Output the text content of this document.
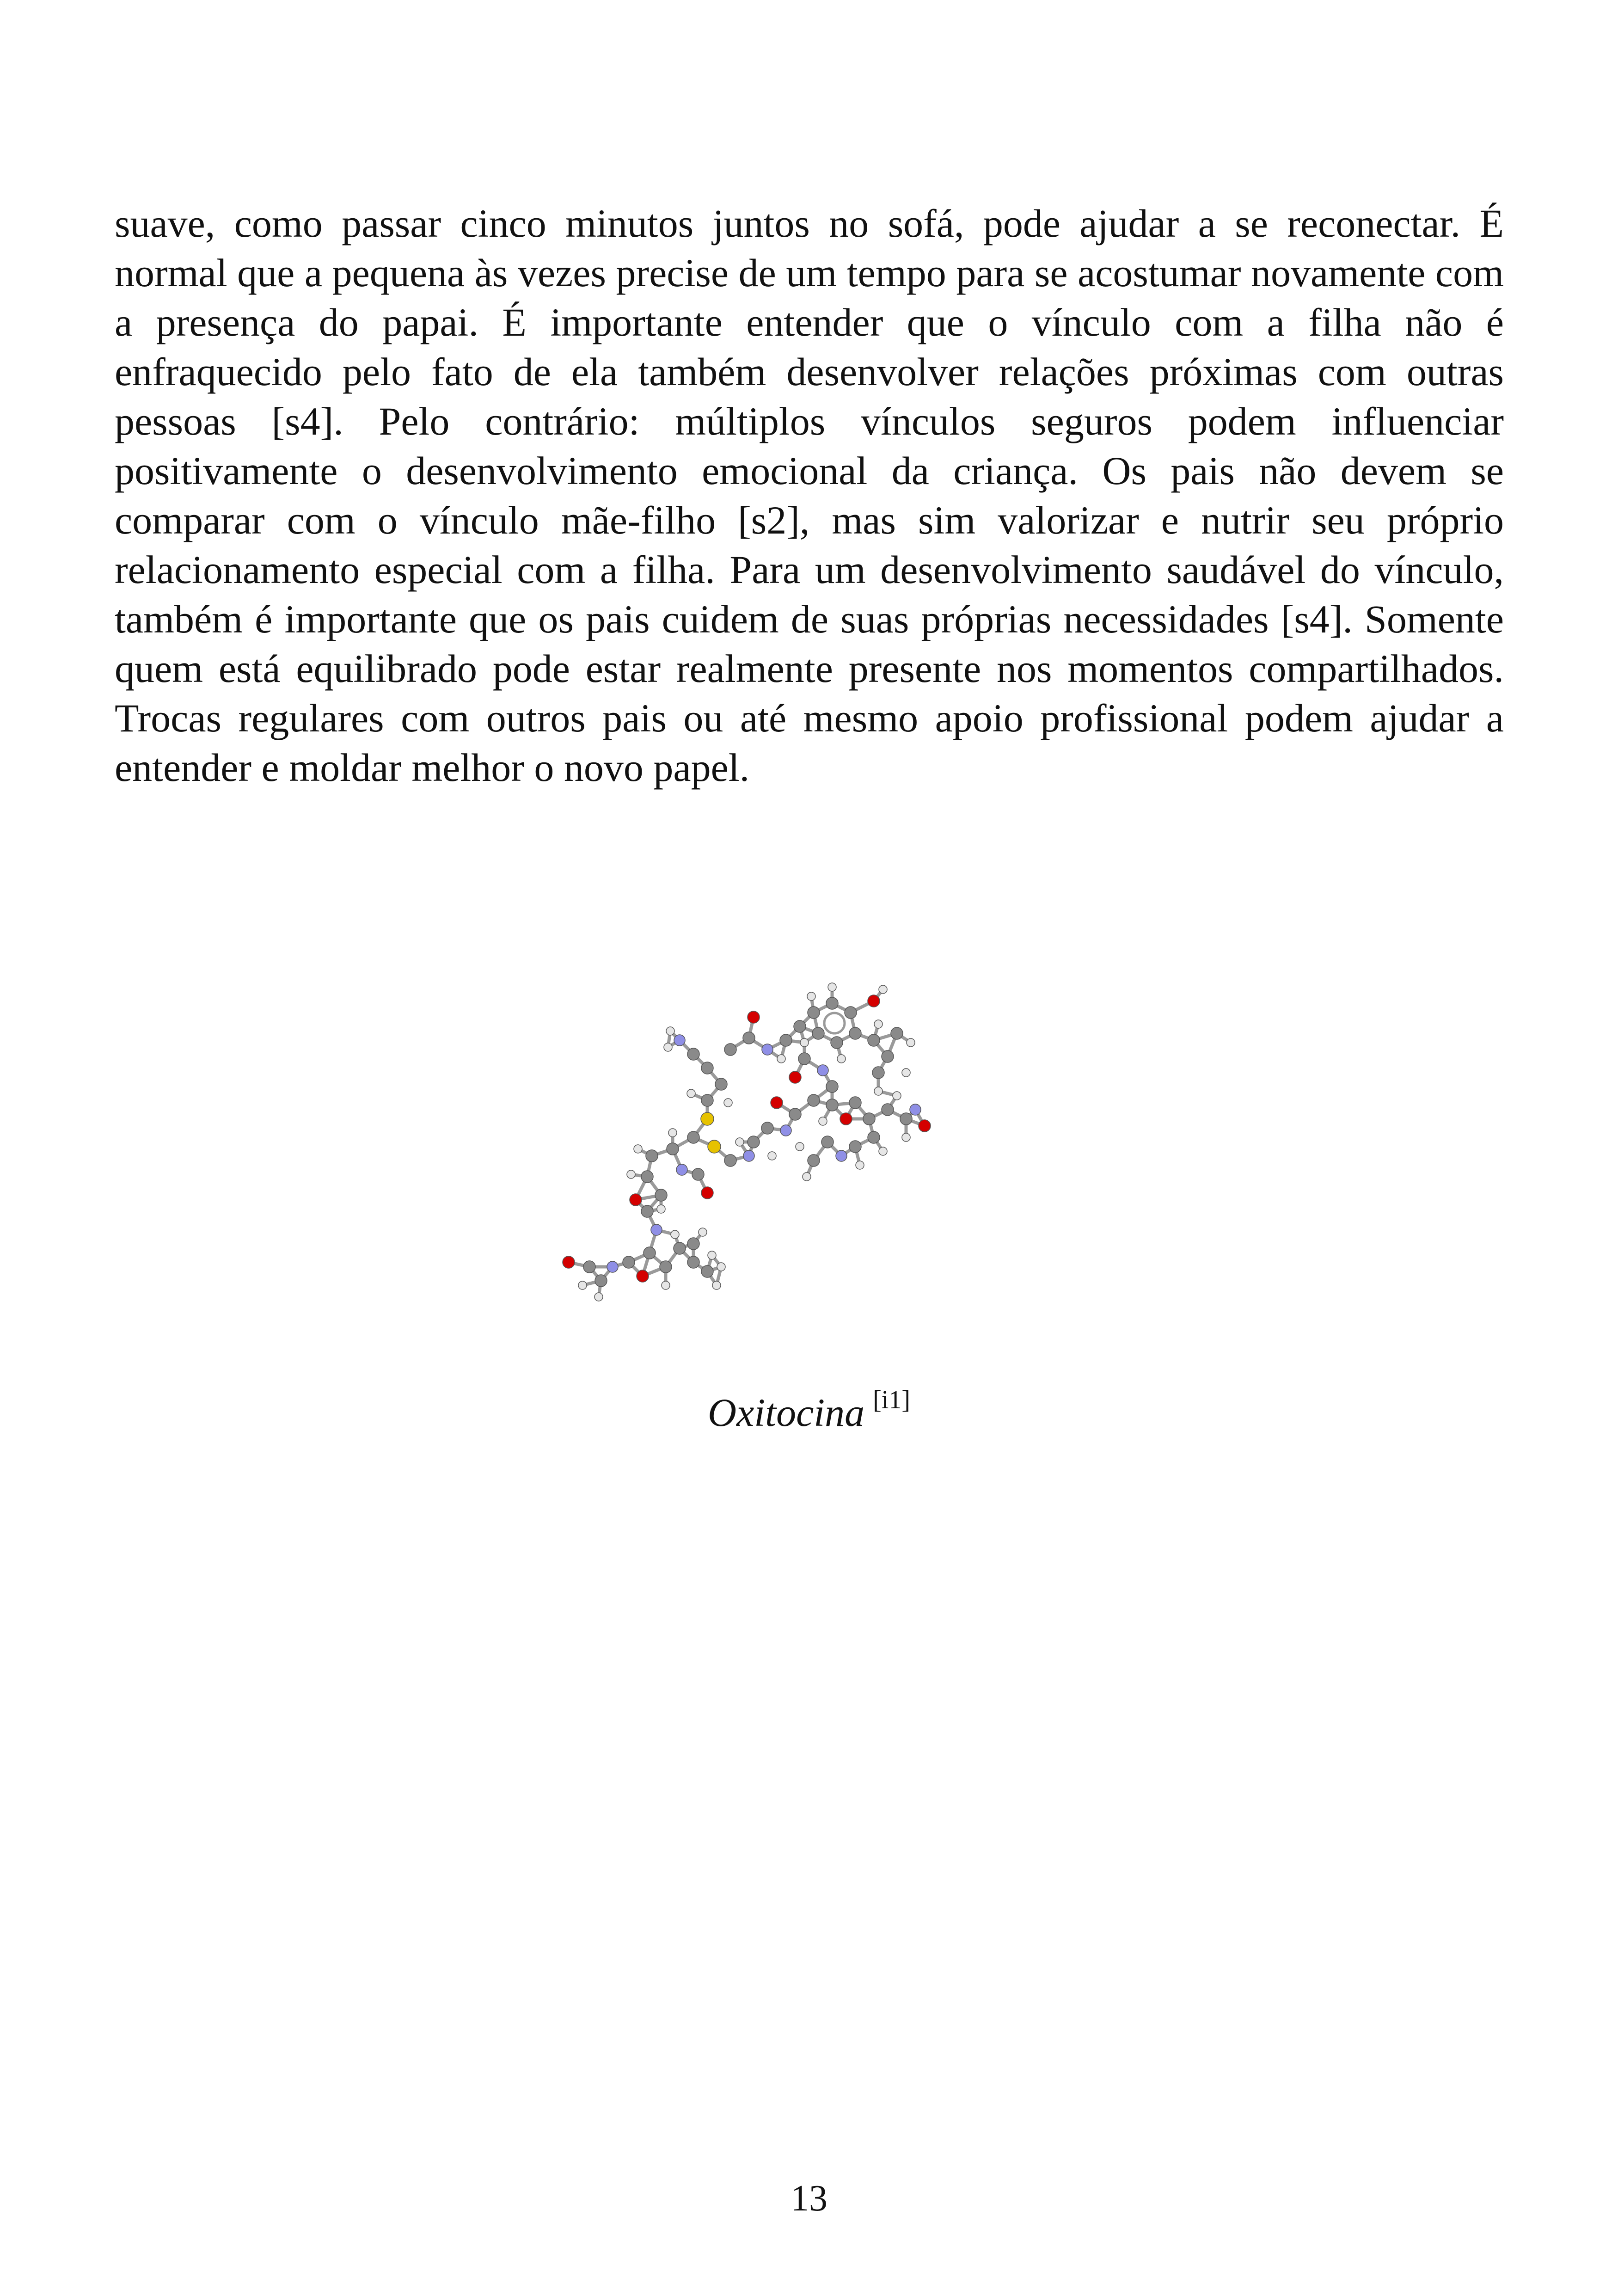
suave, como passar cinco minutos juntos no sofá, pode ajudar a se reconectar. É normal que a pequena às vezes precise de um tempo para se acostumar novamente com a presença do papai. É importante entender que o vínculo com a filha não é enfraquecido pelo fato de ela também desenvolver relações próximas com outras pessoas [s4]. Pelo contrário: múltiplos vínculos seguros podem influenciar positivamente o desenvolvimento emocional da criança. Os pais não devem se comparar com o vínculo mãe-filho [s2], mas sim valorizar e nutrir seu próprio relacionamento especial com a filha. Para um desenvolvimento saudável do vínculo, também é importante que os pais cuidem de suas próprias necessidades [s4]. Somente quem está equilibrado pode estar realmente presente nos momentos compartilhados. Trocas regulares com outros pais ou até mesmo apoio profissional podem ajudar a entender e moldar melhor o novo papel.

Oxitocina [i1]
13
